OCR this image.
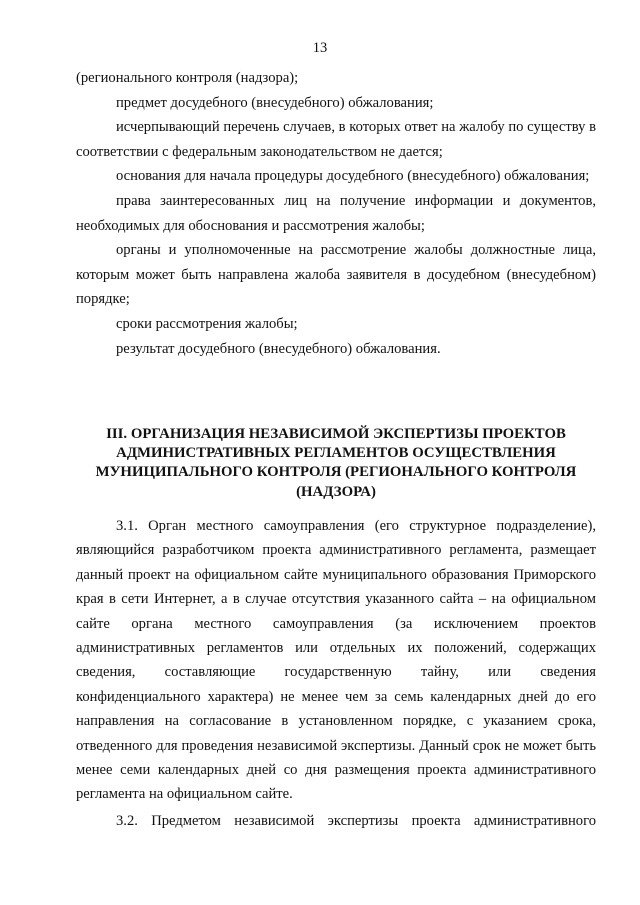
13

(регионального контроля (надзора);

предмет досудебного (внесудебного) обжалования;

исчерпывающий перечень случаев, в которых ответ на жалобу по существу в соответствии с федеральным законодательством не дается;

основания для начала процедуры досудебного (внесудебного) обжалования;

права заинтересованных лиц на получение информации и документов, необходимых для обоснования и рассмотрения жалобы;

органы и уполномоченные на рассмотрение жалобы должностные лица, которым может быть направлена жалоба заявителя в досудебном (внесудебном) порядке;

сроки рассмотрения жалобы;

результат досудебного (внесудебного) обжалования.

III. ОРГАНИЗАЦИЯ НЕЗАВИСИМОЙ ЭКСПЕРТИЗЫ ПРОЕКТОВ АДМИНИСТРАТИВНЫХ РЕГЛАМЕНТОВ ОСУЩЕСТВЛЕНИЯ МУНИЦИПАЛЬНОГО КОНТРОЛЯ (РЕГИОНАЛЬНОГО КОНТРОЛЯ (НАДЗОРА)

3.1. Орган местного самоуправления (его структурное подразделение), являющийся разработчиком проекта административного регламента, размещает данный проект на официальном сайте муниципального образования Приморского края в сети Интернет, а в случае отсутствия указанного сайта – на официальном сайте органа местного самоуправления (за исключением проектов административных регламентов или отдельных их положений, содержащих сведения, составляющие государственную тайну, или сведения конфиденциального характера) не менее чем за семь календарных дней до его направления на согласование в установленном порядке, с указанием срока, отведенного для проведения независимой экспертизы. Данный срок не может быть менее семи календарных дней со дня размещения проекта административного регламента на официальном сайте.

3.2. Предметом независимой экспертизы проекта административного
